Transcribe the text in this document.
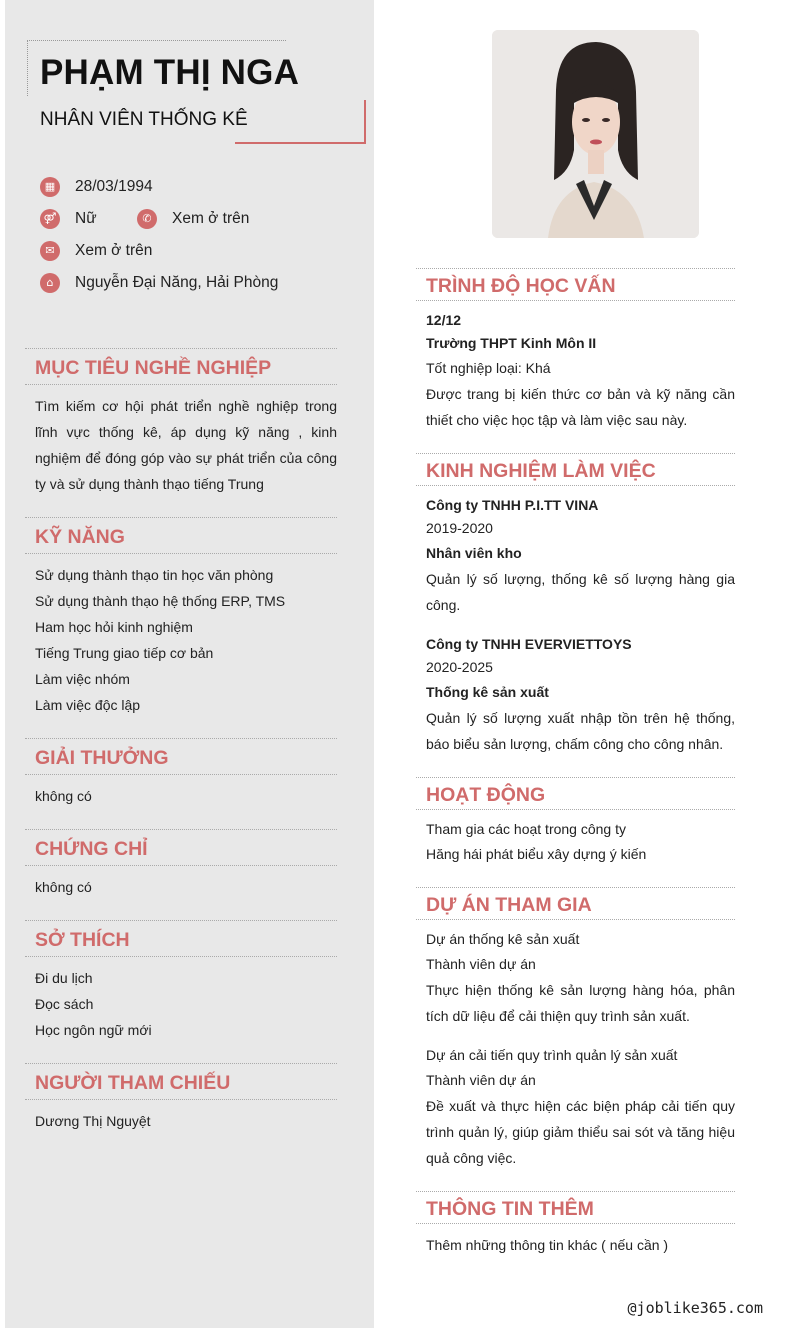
PHẠM THỊ NGA
NHÂN VIÊN THỐNG KÊ
▦	28/03/1994
⚤ Nữ	✆	Xem ở trên
✉	Xem ở trên
⌂	Nguyễn Đại Năng, Hải Phòng
MỤC TIÊU NGHỀ NGHIỆP
Tìm kiếm cơ hội phát triển nghề nghiệp trong lĩnh vực thống kê, áp dụng kỹ năng , kinh nghiệm để đóng góp vào sự phát triển của công ty và sử dụng thành thạo tiếng Trung
KỸ NĂNG
Sử dụng thành thạo tin học văn phòng
Sử dụng thành thạo hệ thống ERP, TMS
Ham học hỏi kinh nghiệm
Tiếng Trung giao tiếp cơ bản
Làm việc nhóm
Làm việc độc lập
GIẢI THƯỞNG
không có
CHỨNG CHỈ
không có
SỞ THÍCH
Đi du lịch
Đọc sách
Học ngôn ngữ mới
NGƯỜI THAM CHIẾU
Dương Thị Nguyệt
TRÌNH ĐỘ HỌC VẤN
12/12
Trường THPT Kinh Môn II
Tốt nghiệp loại: Khá
Được trang bị kiến thức cơ bản và kỹ năng cần thiết cho việc học tập và làm việc sau này.
KINH NGHIỆM LÀM VIỆC
Công ty TNHH P.I.TT VINA
2019-2020
Nhân viên kho
Quản lý số lượng, thống kê số lượng hàng gia công.
Công ty TNHH EVERVIETTOYS
2020-2025
Thống kê sản xuất
Quản lý số lượng xuất nhập tồn trên hệ thống, báo biểu sản lượng, chấm công cho công nhân.
HOẠT ĐỘNG
Tham gia các hoạt trong công ty
Hăng hái phát biểu xây dựng ý kiến
DỰ ÁN THAM GIA
Dự án thống kê sản xuất
Thành viên dự án
Thực hiện thống kê sản lượng hàng hóa, phân tích dữ liệu để cải thiện quy trình sản xuất.
Dự án cải tiến quy trình quản lý sản xuất
Thành viên dự án
Đề xuất và thực hiện các biện pháp cải tiến quy trình quản lý, giúp giảm thiểu sai sót và tăng hiệu quả công việc.
THÔNG TIN THÊM
Thêm những thông tin khác ( nếu cần )
@joblike365.com
